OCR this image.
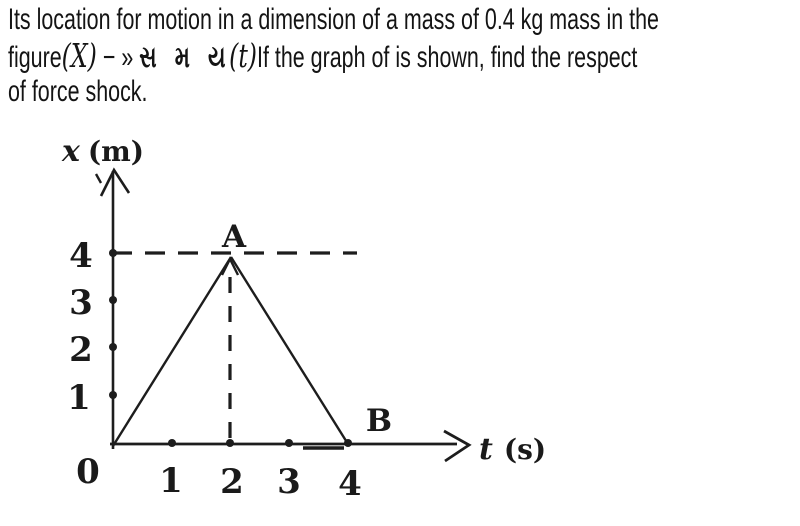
Its location for motion in a dimension of a mass of 0.4 kg mass in the
figure(X) − » સ મ ય(t)If the graph of is shown, find the respect
of force shock.
x (m)
t (s)
4
3
2
1
0 1 2 3 4
A
B
